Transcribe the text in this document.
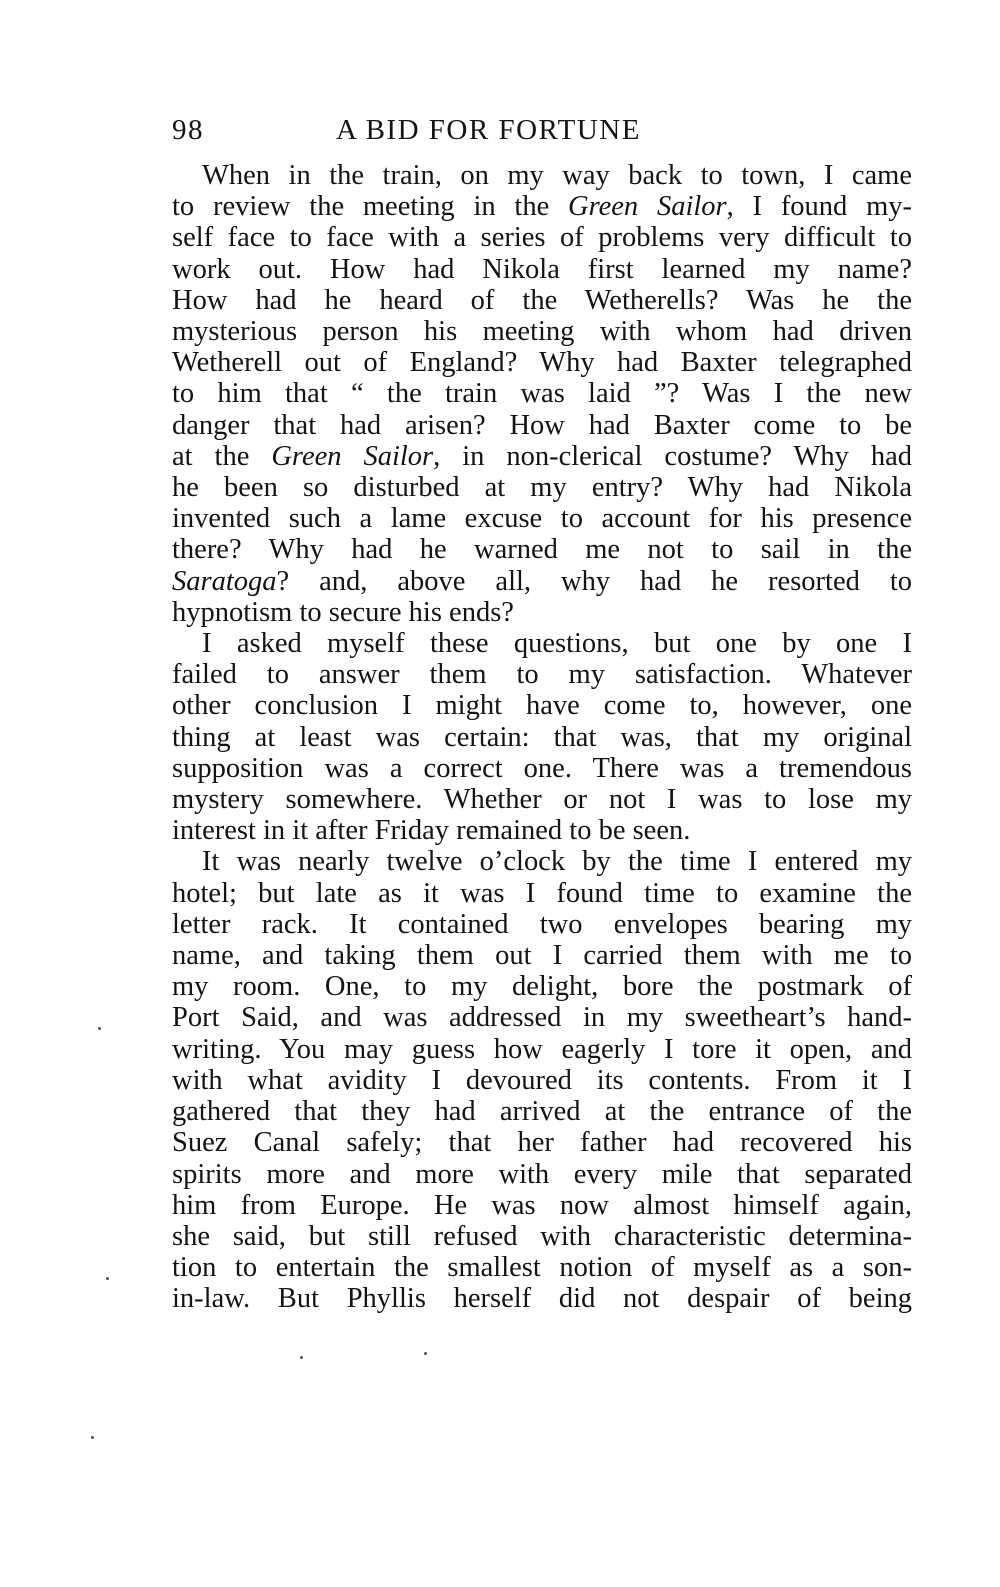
98	A BID FOR FORTUNE
When in the train, on my way back to town, I came
to review the meeting in the Green Sailor, I found my-
self face to face with a series of problems very difficult to
work out. How had Nikola first learned my name?
How had he heard of the Wetherells? Was he the
mysterious person his meeting with whom had driven
Wetherell out of England? Why had Baxter telegraphed
to him that “ the train was laid ”? Was I the new
danger that had arisen? How had Baxter come to be
at the Green Sailor, in non-clerical costume? Why had
he been so disturbed at my entry? Why had Nikola
invented such a lame excuse to account for his presence
there? Why had he warned me not to sail in the
Saratoga? and, above all, why had he resorted to
hypnotism to secure his ends?
I asked myself these questions, but one by one I
failed to answer them to my satisfaction. Whatever
other conclusion I might have come to, however, one
thing at least was certain: that was, that my original
supposition was a correct one. There was a tremendous
mystery somewhere. Whether or not I was to lose my
interest in it after Friday remained to be seen.
It was nearly twelve o’clock by the time I entered my
hotel; but late as it was I found time to examine the
letter rack. It contained two envelopes bearing my
name, and taking them out I carried them with me to
my room. One, to my delight, bore the postmark of
Port Said, and was addressed in my sweetheart’s hand-
writing. You may guess how eagerly I tore it open, and
with what avidity I devoured its contents. From it I
gathered that they had arrived at the entrance of the
Suez Canal safely; that her father had recovered his
spirits more and more with every mile that separated
him from Europe. He was now almost himself again,
she said, but still refused with characteristic determina-
tion to entertain the smallest notion of myself as a son-
in-law. But Phyllis herself did not despair of being
